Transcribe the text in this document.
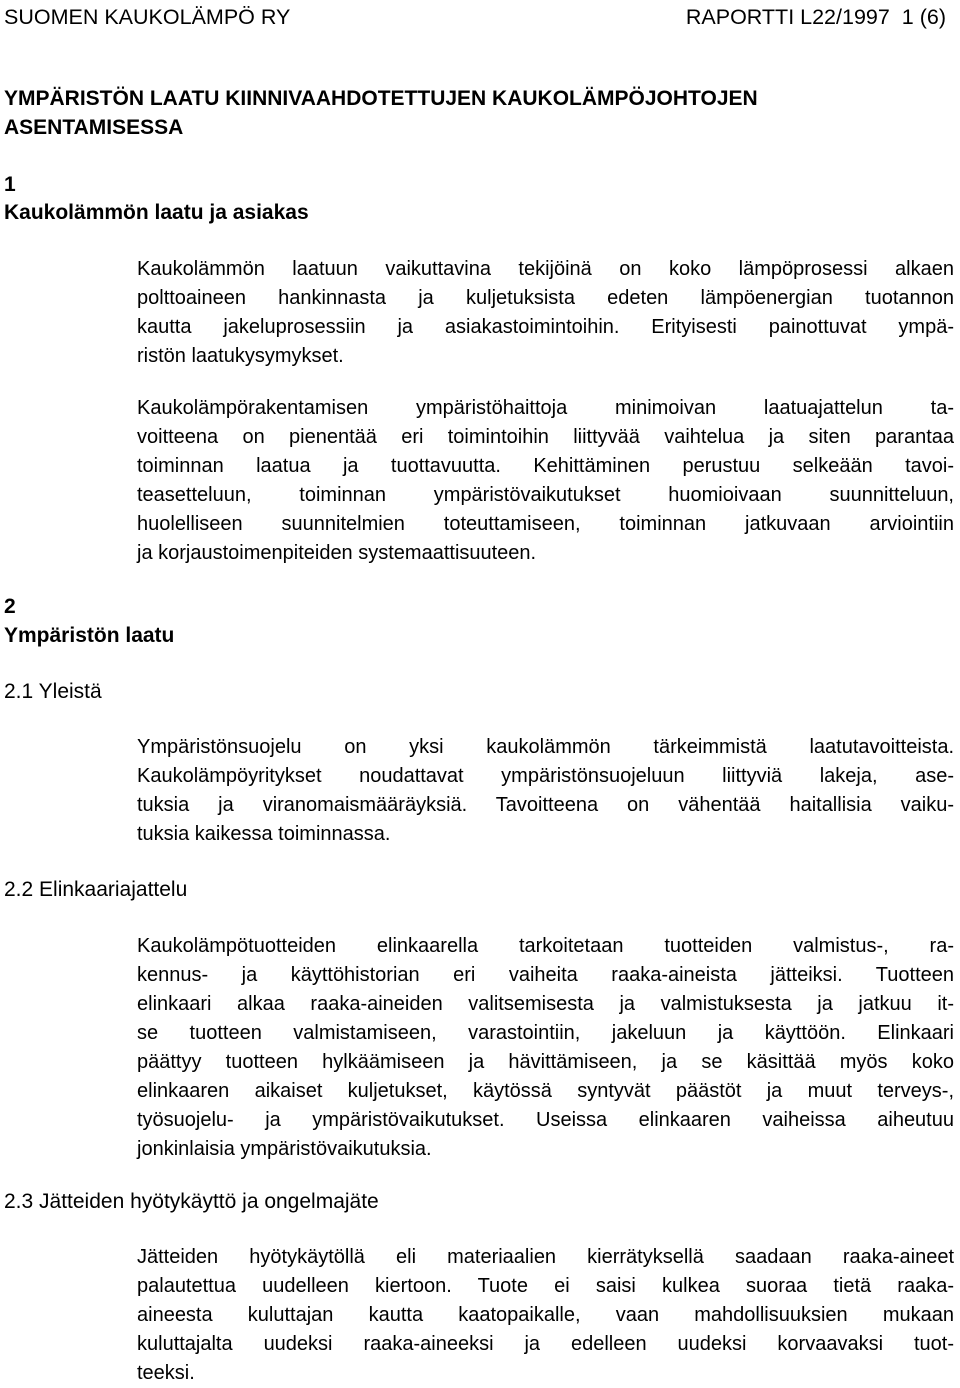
SUOMEN KAUKOLÄMPÖ RY	RAPORTTI L22/1997 1 (6)
YMPÄRISTÖN LAATU KIINNIVAAHDOTETTUJEN KAUKOLÄMPÖJOHTOJEN
ASENTAMISESSA
1
Kaukolämmön laatu ja asiakas
Kaukolämmön laatuun vaikuttavina tekijöinä on koko lämpöprosessi alkaen
polttoaineen hankinnasta ja kuljetuksista edeten lämpöenergian tuotannon
kautta jakeluprosessiin ja asiakastoimintoihin. Erityisesti painottuvat ympä-
ristön laatukysymykset.
Kaukolämpörakentamisen ympäristöhaittoja minimoivan laatuajattelun ta-
voitteena on pienentää eri toimintoihin liittyvää vaihtelua ja siten parantaa
toiminnan laatua ja tuottavuutta. Kehittäminen perustuu selkeään tavoi-
teasetteluun, toiminnan ympäristövaikutukset huomioivaan suunnitteluun,
huolelliseen suunnitelmien toteuttamiseen, toiminnan jatkuvaan arviointiin
ja korjaustoimenpiteiden systemaattisuuteen.
2
Ympäristön laatu
2.1 Yleistä
Ympäristönsuojelu on yksi kaukolämmön tärkeimmistä laatutavoitteista.
Kaukolämpöyritykset noudattavat ympäristönsuojeluun liittyviä lakeja, ase-
tuksia ja viranomaismääräyksiä. Tavoitteena on vähentää haitallisia vaiku-
tuksia kaikessa toiminnassa.
2.2 Elinkaariajattelu
Kaukolämpötuotteiden elinkaarella tarkoitetaan tuotteiden valmistus-, ra-
kennus- ja käyttöhistorian eri vaiheita raaka-aineista jätteiksi. Tuotteen
elinkaari alkaa raaka-aineiden valitsemisesta ja valmistuksesta ja jatkuu it-
se tuotteen valmistamiseen, varastointiin, jakeluun ja käyttöön. Elinkaari
päättyy tuotteen hylkäämiseen ja hävittämiseen, ja se käsittää myös koko
elinkaaren aikaiset kuljetukset, käytössä syntyvät päästöt ja muut terveys-,
työsuojelu- ja ympäristövaikutukset. Useissa elinkaaren vaiheissa aiheutuu
jonkinlaisia ympäristövaikutuksia.
2.3 Jätteiden hyötykäyttö ja ongelmajäte
Jätteiden hyötykäytöllä eli materiaalien kierrätyksellä saadaan raaka-aineet
palautettua uudelleen kiertoon. Tuote ei saisi kulkea suoraa tietä raaka-
aineesta kuluttajan kautta kaatopaikalle, vaan mahdollisuuksien mukaan
kuluttajalta uudeksi raaka-aineeksi ja edelleen uudeksi korvaavaksi tuot-
teeksi.
